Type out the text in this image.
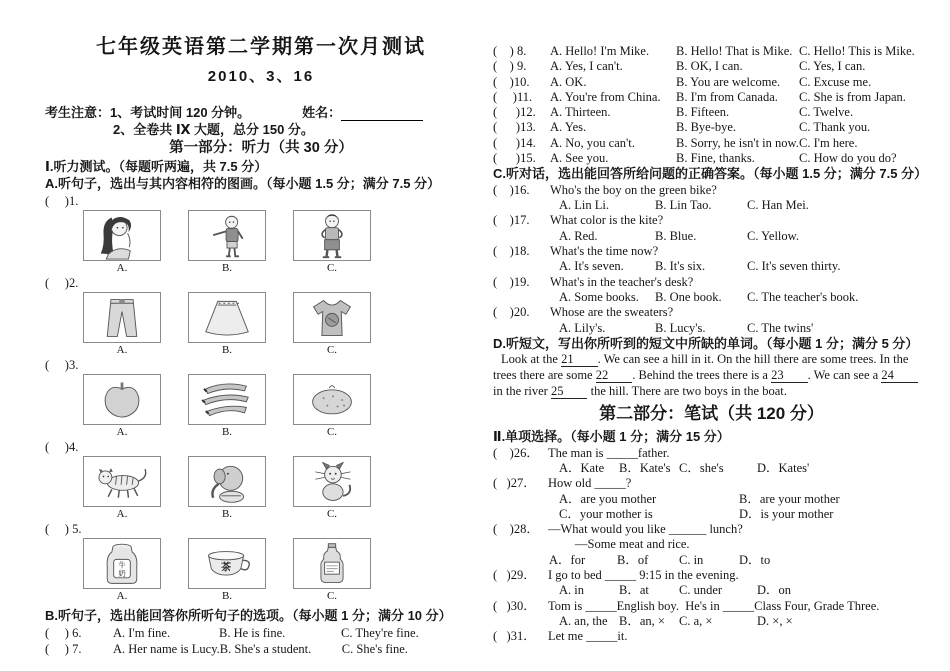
七年级英语第二学期第一次月测试
2010、3、16
考生注意：1、考试时间 120 分钟。	姓名：
2、全卷共 Ⅸ 大题，总分 150 分。
第一部分：听力（共 30 分）
Ⅰ.听力测试。（每题听两遍，共 7.5 分）
A.听句子，选出与其内容相符的图画。（每小题 1.5 分；满分 7.5 分）
(     )1.
A.	B.	C.
(     )2.
A.	B.	C.
(     )3.
A.	B.	C.
(     )4.
A.	B.	C.
(     ) 5.
牛
奶
A.
茶
B.	C.
B.听句子，选出能回答你所听句子的选项。（每小题 1 分；满分 10 分）
(     ) 6.	A. I'm fine.	B. He is fine.	C. They're fine.
(     ) 7.	A. Her name is Lucy. B. She's a student.	C. She's fine.
(    ) 8.	A. Hello! I'm Mike.	B. Hello! That is Mike. C. Hello! This is Mike.
(    ) 9.	A. Yes, I can't.	B. OK, I can.	C. Yes, I can.
(    )10.	A. OK.	B. You are welcome.	C. Excuse me.
(     )11.	A. You're from China.	B. I'm from Canada.	C. She is from Japan.
(      )12.	A. Thirteen.	B. Fifteen.	C. Twelve.
(      )13.	A. Yes.	B. Bye-bye.	C. Thank you.
(      )14.	A. No, you can't.	B. Sorry, he isn't in now. C. I'm here.
(      )15.	A. See you.	B. Fine, thanks.	C. How do you do?
C.听对话，选出能回答所给问题的正确答案。（每小题 1.5 分；满分 7.5 分）
(    )16.	Who's the boy on the green bike?
A. Lin Li.	B. Lin Tao.	C. Han Mei.
(    )17.	What color is the kite?
A. Red.	B. Blue.	C. Yellow.
(    )18.	What's the time now?
A. It's seven.	B. It's six.	C. It's seven thirty.
(    )19.	What's in the teacher's desk?
A. Some books.	B. One book.	C. The teacher's book.
(    )20.	Whose are the sweaters?
A. Lily's.	B. Lucy's.	C. The twins'
D.听短文，写出你所听到的短文中所缺的单词。（每小题 1 分；满分 5 分）

Look at the 21 . We can see a hill in it. On the hill there are some trees. In the trees there are some 22 . Behind the trees there is a 23 . We can see a 24 in the river 25 the hill. There are two boys in the boat.

第二部分：笔试（共 120 分）
Ⅱ.单项选择。（每小题 1 分；满分 15 分）
(    )26． The man is _____father.
A．Kate	B．Kate's C．she's	D．Kates'
(   )27． How old _____?
A．are you mother	B．are your mother
C．your mother is	D．is your mother
(    )28． —What would you like ______ lunch?
—Some meat and rice.
A．for	B．of	C. in	D．to
(   )29． I go to bed _____ 9:15 in the evening.
A. in	B．at	C. under	D．on
(   )30． Tom is _____English boy.  He's in _____Class Four, Grade Three.
A. an, the B．an, ×	C. a, ×	D. ×, ×
(   )31． Let me _____it.
